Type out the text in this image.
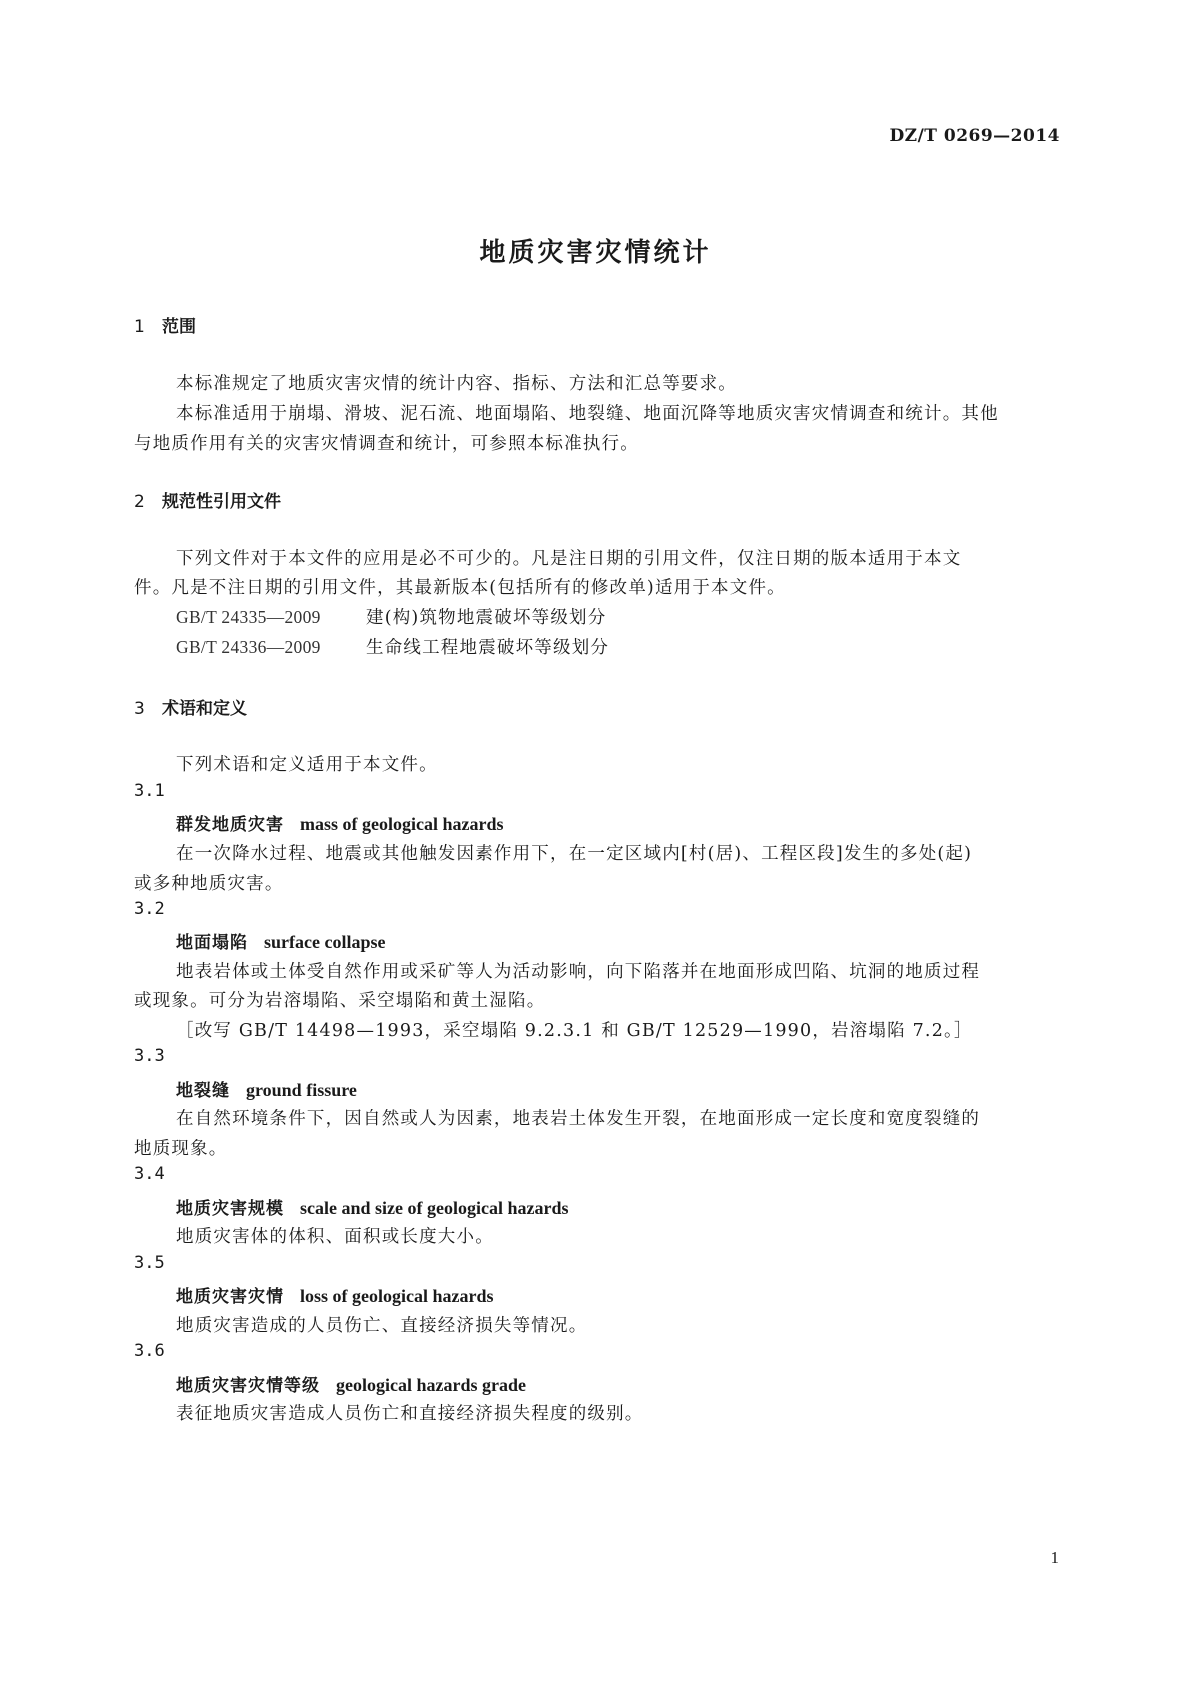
DZ/T 0269—2014
地质灾害灾情统计
1 范围
本标准规定了地质灾害灾情的统计内容、指标、方法和汇总等要求。
本标准适用于崩塌、滑坡、泥石流、地面塌陷、地裂缝、地面沉降等地质灾害灾情调查和统计。其他
与地质作用有关的灾害灾情调查和统计，可参照本标准执行。
2 规范性引用文件
下列文件对于本文件的应用是必不可少的。凡是注日期的引用文件，仅注日期的版本适用于本文
件。凡是不注日期的引用文件，其最新版本(包括所有的修改单)适用于本文件。
GB/T 24335—2009	建(构)筑物地震破坏等级划分
GB/T 24336—2009	生命线工程地震破坏等级划分
3 术语和定义
下列术语和定义适用于本文件。
3.1
群发地质灾害 mass of geological hazards
在一次降水过程、地震或其他触发因素作用下，在一定区域内[村(居)、工程区段]发生的多处(起)
或多种地质灾害。
3.2
地面塌陷 surface collapse
地表岩体或土体受自然作用或采矿等人为活动影响，向下陷落并在地面形成凹陷、坑洞的地质过程
或现象。可分为岩溶塌陷、采空塌陷和黄土湿陷。
［改写 GB/T 14498—1993，采空塌陷 9.2.3.1 和 GB/T 12529—1990，岩溶塌陷 7.2。］
3.3
地裂缝 ground fissure
在自然环境条件下，因自然或人为因素，地表岩土体发生开裂，在地面形成一定长度和宽度裂缝的
地质现象。
3.4
地质灾害规模 scale and size of geological hazards
地质灾害体的体积、面积或长度大小。
3.5
地质灾害灾情 loss of geological hazards
地质灾害造成的人员伤亡、直接经济损失等情况。
3.6
地质灾害灾情等级 geological hazards grade
表征地质灾害造成人员伤亡和直接经济损失程度的级别。
1
